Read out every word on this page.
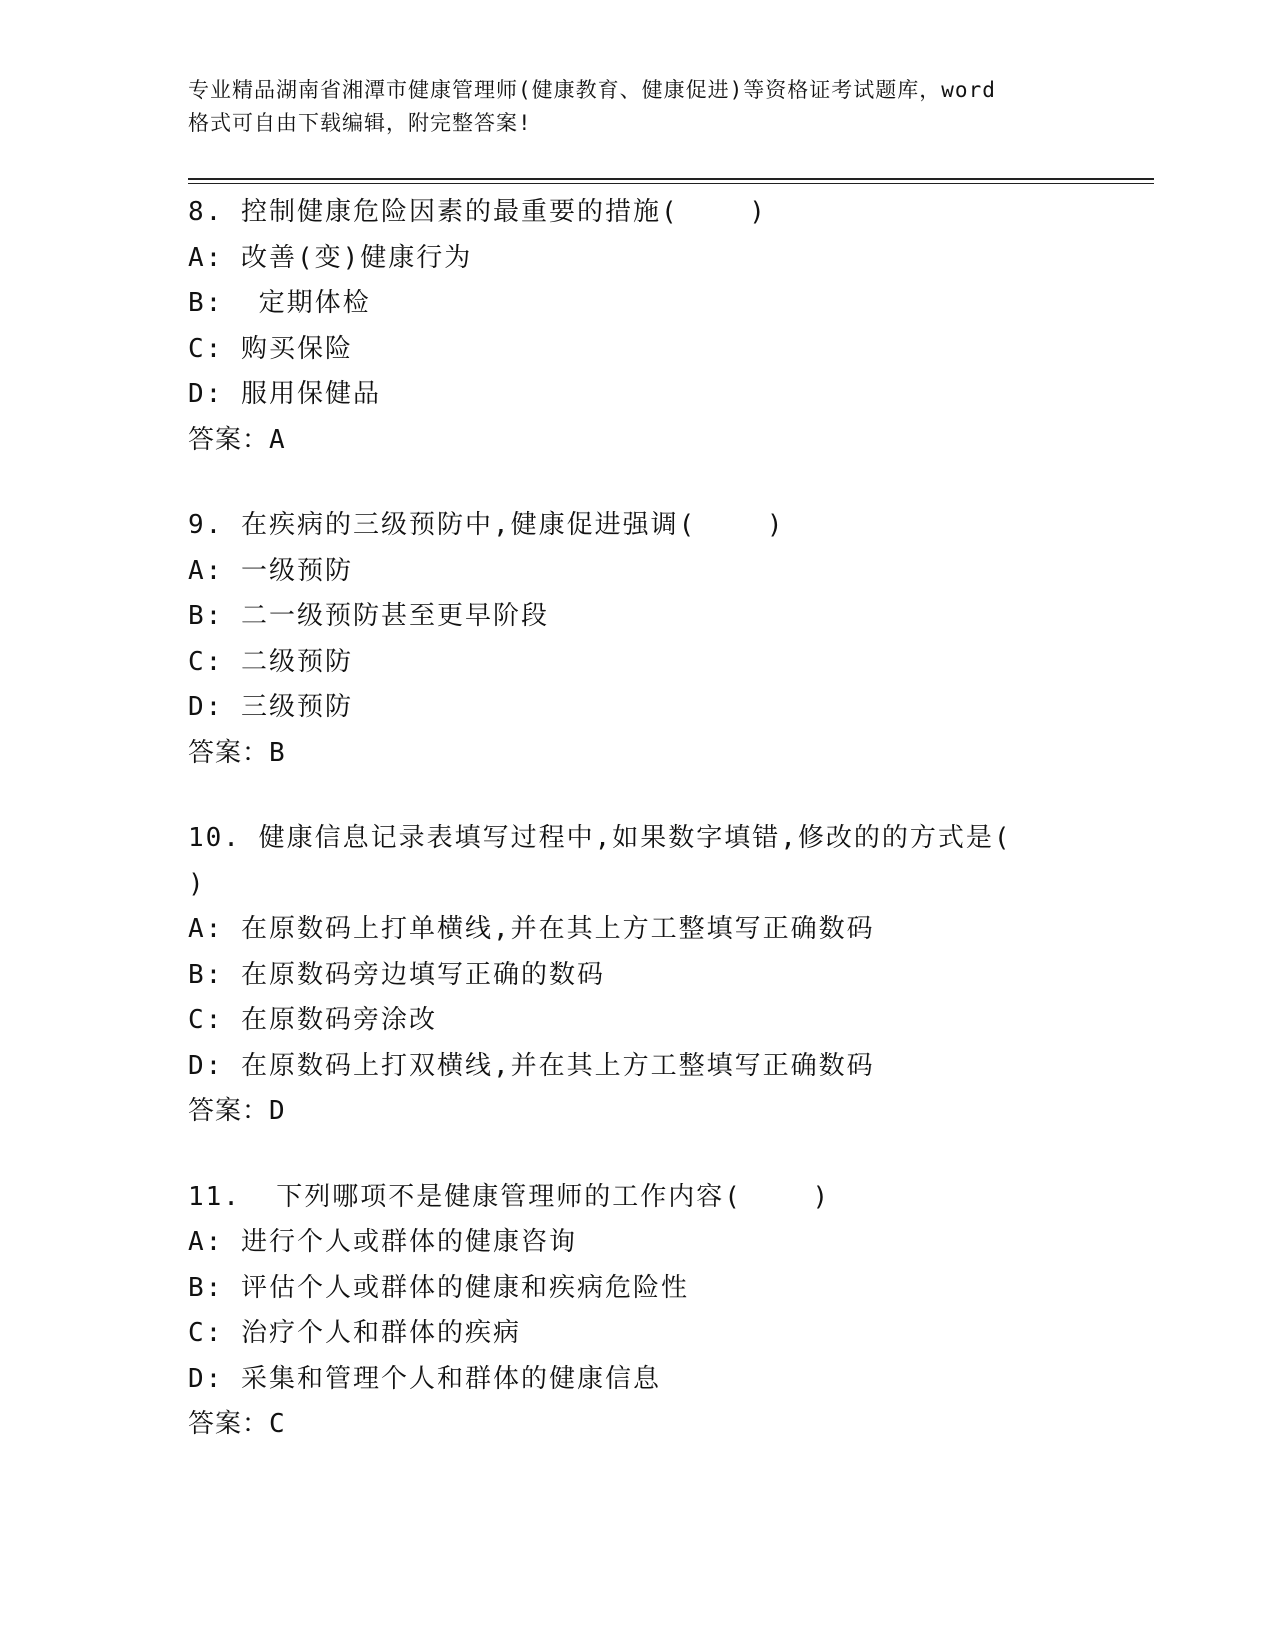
专业精品湖南省湘潭市健康管理师(健康教育、健康促进)等资格证考试题库，word
格式可自由下载编辑，附完整答案!
8. 控制健康危险因素的最重要的措施(    )
A: 改善(变)健康行为
B:  定期体检
C: 购买保险
D: 服用保健品
答案：A
9. 在疾病的三级预防中,健康促进强调(    )
A: 一级预防
B: 二一级预防甚至更早阶段
C: 二级预防
D: 三级预防
答案：B
10. 健康信息记录表填写过程中,如果数字填错,修改的的方式是(
)
A: 在原数码上打单横线,并在其上方工整填写正确数码
B: 在原数码旁边填写正确的数码
C: 在原数码旁涂改
D: 在原数码上打双横线,并在其上方工整填写正确数码
答案：D
11.  下列哪项不是健康管理师的工作内容(    )
A: 进行个人或群体的健康咨询
B: 评估个人或群体的健康和疾病危险性
C: 治疗个人和群体的疾病
D: 采集和管理个人和群体的健康信息
答案：C
